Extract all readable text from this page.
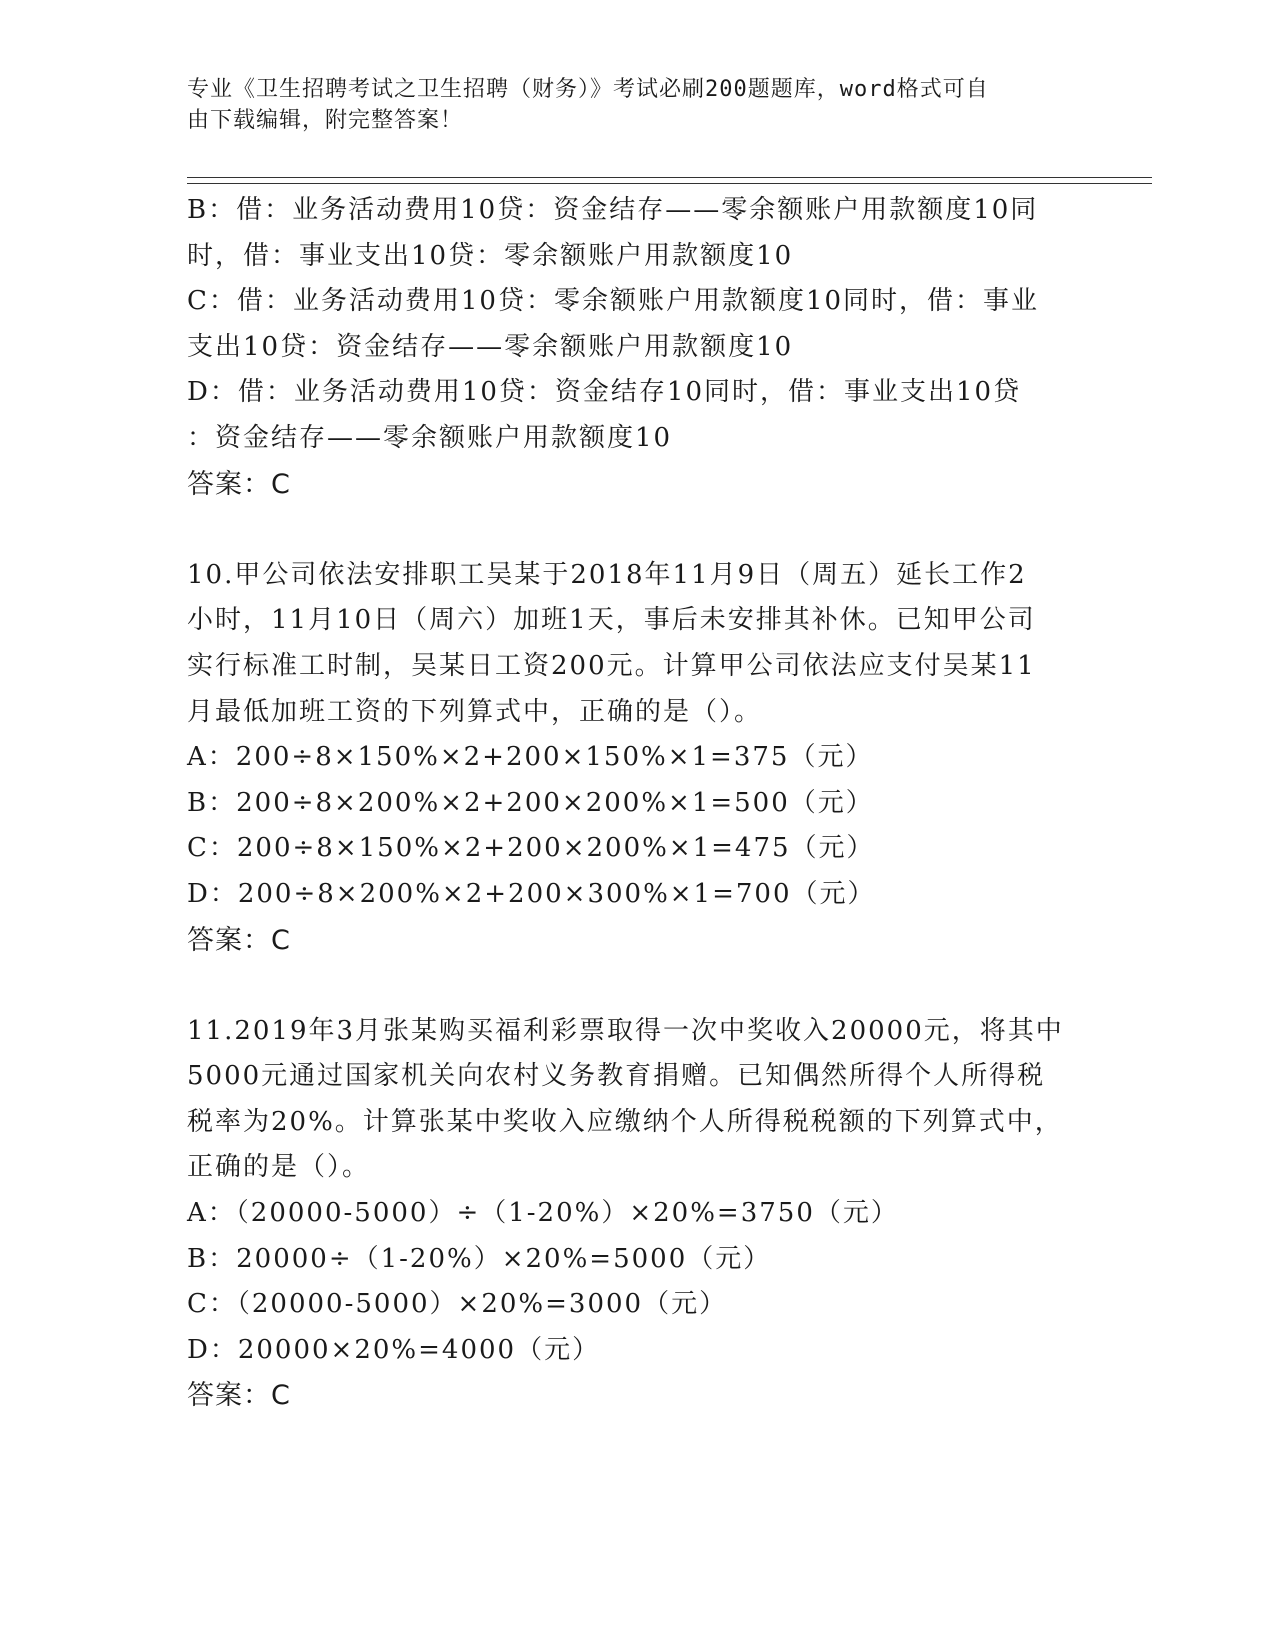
专业《卫生招聘考试之卫生招聘（财务）》考试必刷200题题库，word格式可自
由下载编辑，附完整答案！
B：借：业务活动费用10贷：资金结存——零余额账户用款额度10同
时，借：事业支出10贷：零余额账户用款额度10
C：借：业务活动费用10贷：零余额账户用款额度10同时，借：事业
支出10贷：资金结存——零余额账户用款额度10
D：借：业务活动费用10贷：资金结存10同时，借：事业支出10贷
：资金结存——零余额账户用款额度10
答案：C
10.甲公司依法安排职工吴某于2018年11月9日（周五）延长工作2
小时，11月10日（周六）加班1天，事后未安排其补休。已知甲公司
实行标准工时制，吴某日工资200元。计算甲公司依法应支付吴某11
月最低加班工资的下列算式中，正确的是（）。
A：200÷8×150%×2+200×150%×1=375（元）
B：200÷8×200%×2+200×200%×1=500（元）
C：200÷8×150%×2+200×200%×1=475（元）
D：200÷8×200%×2+200×300%×1=700（元）
答案：C
11.2019年3月张某购买福利彩票取得一次中奖收入20000元，将其中
5000元通过国家机关向农村义务教育捐赠。已知偶然所得个人所得税
税率为20%。计算张某中奖收入应缴纳个人所得税税额的下列算式中，
正确的是（）。
A：（20000-5000）÷（1-20%）×20%=3750（元）
B：20000÷（1-20%）×20%=5000（元）
C：（20000-5000）×20%=3000（元）
D：20000×20%=4000（元）
答案：C
